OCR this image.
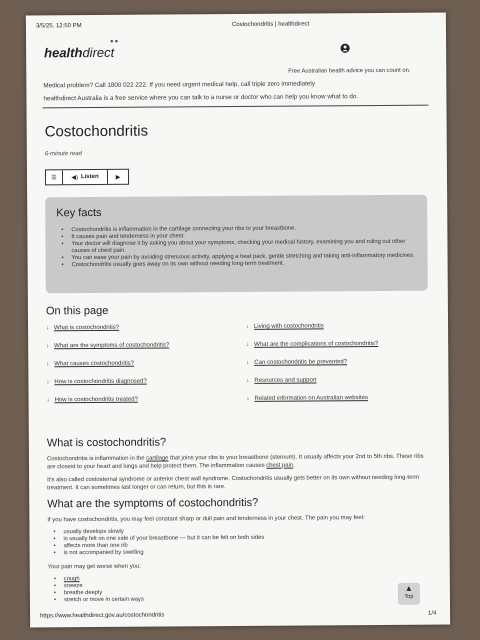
3/5/25, 12:50 PM	Costochondritis | healthdirect
healthdirect
●●
Free Australian health advice you can count on.
Medical problem? Call 1800 022 222. If you need urgent medical help, call triple zero immediately
healthdirect Australia is a free service where you can talk to a nurse or doctor who can help you know what to do.
Costochondritis
6-minute read
☰ ◀) Listen	▶
Key facts
• Costochondritis is inflammation in the cartilage connecting your ribs to your breastbone.
• It causes pain and tenderness in your chest.
• Your doctor will diagnose it by asking you about your symptoms, checking your medical history, examining you and ruling out other causes of chest pain.
• You can ease your pain by avoiding strenuous activity, applying a heat pack, gentle stretching and taking anti-inflammatory medicines.
• Costochondritis usually goes away on its own without needing long-term treatment.
On this page
↓ What is costochondritis?
↓ What are the symptoms of costochondritis?
↓ What causes costochondritis?
↓ How is costochondritis diagnosed?
↓ How is costochondritis treated?
↓ Living with costochondritis
↓ What are the complications of costochondritis?
↓ Can costochondritis be prevented?
↓ Resources and support
↓ Related information on Australian websites
What is costochondritis?
Costochondritis is inflammation in the cartilage that joins your ribs to your breastbone (sternum). It usually affects your 2nd to 5th ribs. These ribs are closest to your heart and lungs and help protect them. The inflammation causes chest pain.
It's also called costosternal syndrome or anterior chest wall syndrome. Costochondritis usually gets better on its own without needing long-term treatment. It can sometimes last longer or can return, but this is rare.
What are the symptoms of costochondritis?
If you have costochondritis, you may feel constant sharp or dull pain and tenderness in your chest. The pain you may feel:
• usually develops slowly
• is usually felt on one side of your breastbone — but it can be felt on both sides
• affects more than one rib
• is not accompanied by swelling
Your pain may get worse when you:
• cough
• sneeze
• breathe deeply
• stretch or move in certain ways
▲
Top
https://www.healthdirect.gov.au/costochondritis	1/4
